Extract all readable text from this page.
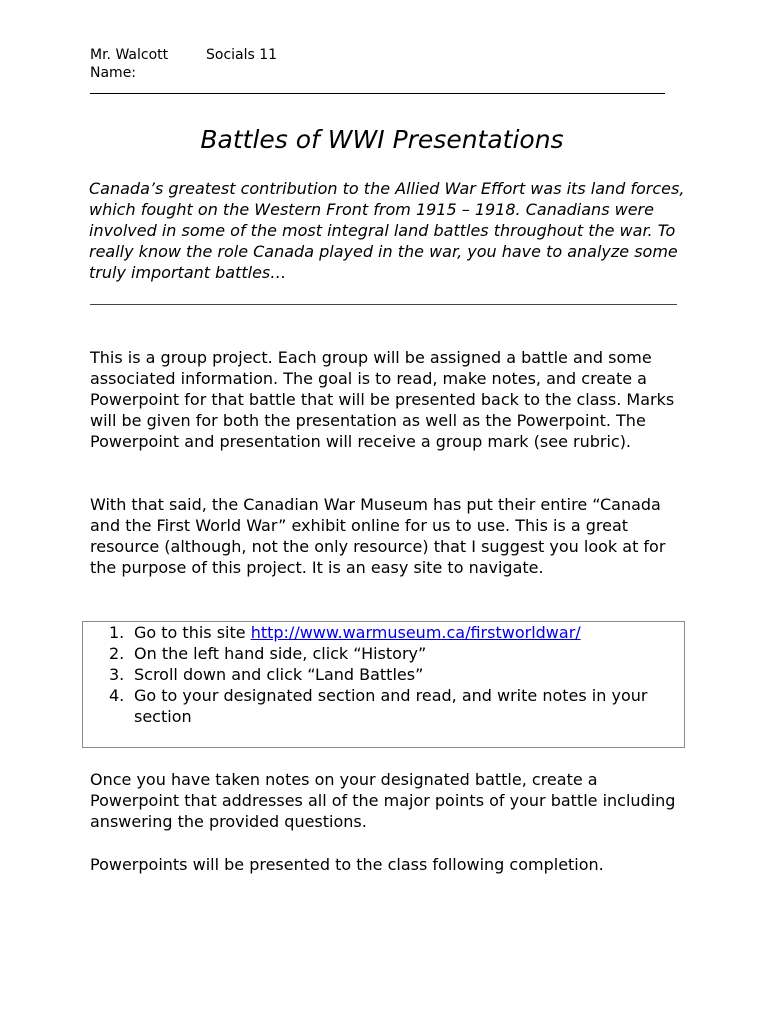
Mr. Walcott	Socials 11
Name:
Battles of WWI Presentations

Canada’s greatest contribution to the Allied War Effort was its land forces, which fought on the Western Front from 1915 – 1918. Canadians were involved in some of the most integral land battles throughout the war. To really know the role Canada played in the war, you have to analyze some truly important battles…

This is a group project. Each group will be assigned a battle and some associated information. The goal is to read, make notes, and create a Powerpoint for that battle that will be presented back to the class. Marks will be given for both the presentation as well as the Powerpoint. The Powerpoint and presentation will receive a group mark (see rubric).

With that said, the Canadian War Museum has put their entire “Canada and the First World War” exhibit online for us to use. This is a great resource (although, not the only resource) that I suggest you look at for the purpose of this project. It is an easy site to navigate.

1. Go to this site http://www.warmuseum.ca/firstworldwar/
2. On the left hand side, click “History”
3. Scroll down and click “Land Battles”
4. Go to your designated section and read, and write notes in your section

Once you have taken notes on your designated battle, create a Powerpoint that addresses all of the major points of your battle including answering the provided questions.

Powerpoints will be presented to the class following completion.
